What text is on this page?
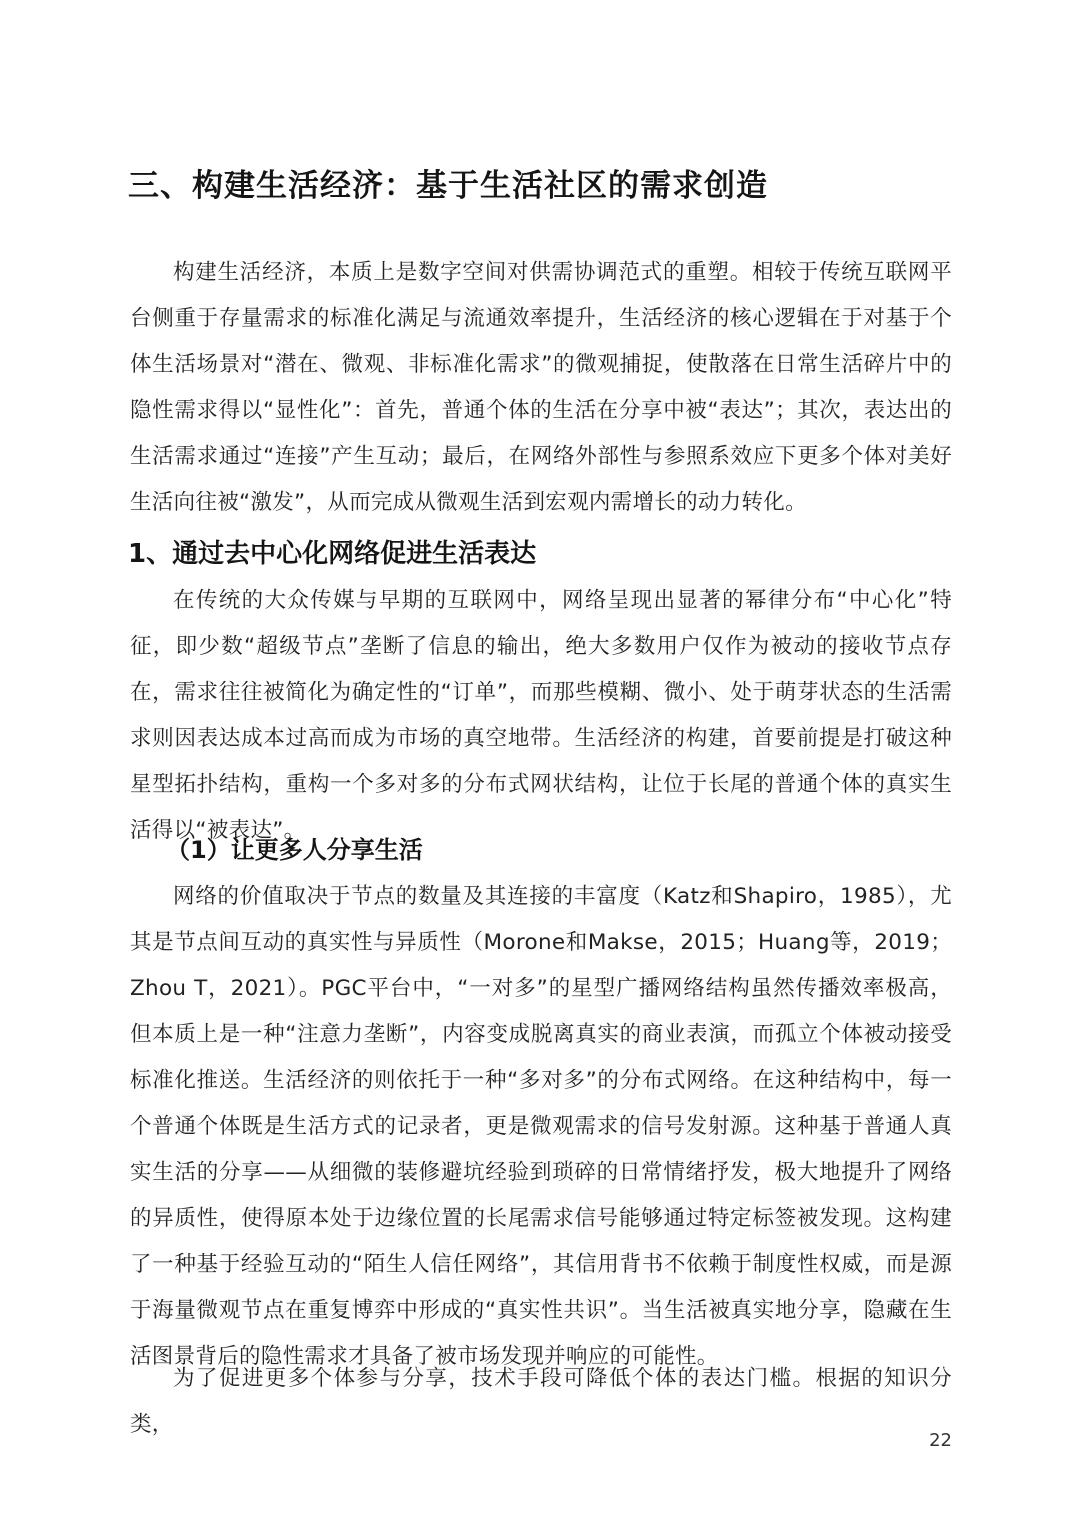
三、构建生活经济：基于生活社区的需求创造

构建生活经济，本质上是数字空间对供需协调范式的重塑。相较于传统互联网平台侧重于存量需求的标准化满足与流通效率提升，生活经济的核心逻辑在于对基于个体生活场景对“潜在、微观、非标准化需求”的微观捕捉，使散落在日常生活碎片中的隐性需求得以“显性化”：首先，普通个体的生活在分享中被“表达”；其次，表达出的生活需求通过“连接”产生互动；最后，在网络外部性与参照系效应下更多个体对美好生活向往被“激发”，从而完成从微观生活到宏观内需增长的动力转化。

1、通过去中心化网络促进生活表达

在传统的大众传媒与早期的互联网中，网络呈现出显著的幂律分布“中心化”特征，即少数“超级节点”垄断了信息的输出，绝大多数用户仅作为被动的接收节点存在，需求往往被简化为确定性的“订单”，而那些模糊、微小、处于萌芽状态的生活需求则因表达成本过高而成为市场的真空地带。生活经济的构建，首要前提是打破这种星型拓扑结构，重构一个多对多的分布式网状结构，让位于长尾的普通个体的真实生活得以“被表达”。

（1）让更多人分享生活

网络的价值取决于节点的数量及其连接的丰富度（Katz和Shapiro，1985），尤其是节点间互动的真实性与异质性（Morone和Makse，2015；Huang等，2019；Zhou T，2021）。PGC平台中，“一对多”的星型广播网络结构虽然传播效率极高，但本质上是一种“注意力垄断”，内容变成脱离真实的商业表演，而孤立个体被动接受标准化推送。生活经济的则依托于一种“多对多”的分布式网络。在这种结构中，每一个普通个体既是生活方式的记录者，更是微观需求的信号发射源。这种基于普通人真实生活的分享——从细微的装修避坑经验到琐碎的日常情绪抒发，极大地提升了网络的异质性，使得原本处于边缘位置的长尾需求信号能够通过特定标签被发现。这构建了一种基于经验互动的“陌生人信任网络”，其信用背书不依赖于制度性权威，而是源于海量微观节点在重复博弈中形成的“真实性共识”。当生活被真实地分享，隐藏在生活图景背后的隐性需求才具备了被市场发现并响应的可能性。

为了促进更多个体参与分享，技术手段可降低个体的表达门槛。根据的知识分类，

22
